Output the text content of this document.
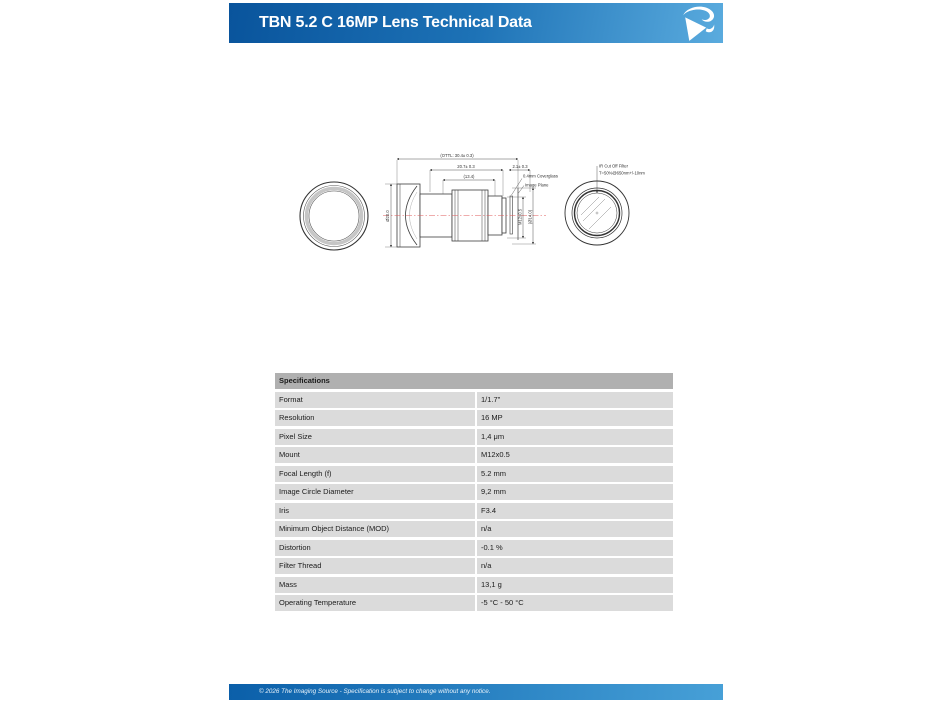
TBN 5.2 C 16MP Lens Technical Data
(OTTL: 30.4± 0.3)
20.7± 0.3	2.1± 0.3
(13.4)
Ø20.0	M12x0.5 (Ø14.0)
0.4mm Coverglass
Image Plane
IR Cut Off Filter
T=50%@650nm+/-10nm
Specifications
Format	1/1.7"
Resolution	16 MP
Pixel Size	1,4 μm
Mount	M12x0.5
Focal Length (f)	5.2 mm
Image Circle Diameter	9,2 mm
Iris	F3.4
Minimum Object Distance (MOD)	n/a
Distortion	-0.1 %
Filter Thread	n/a
Mass	13,1 g
Operating Temperature	-5 °C - 50 °C
© 2026 The Imaging Source - Specification is subject to change without any notice.
